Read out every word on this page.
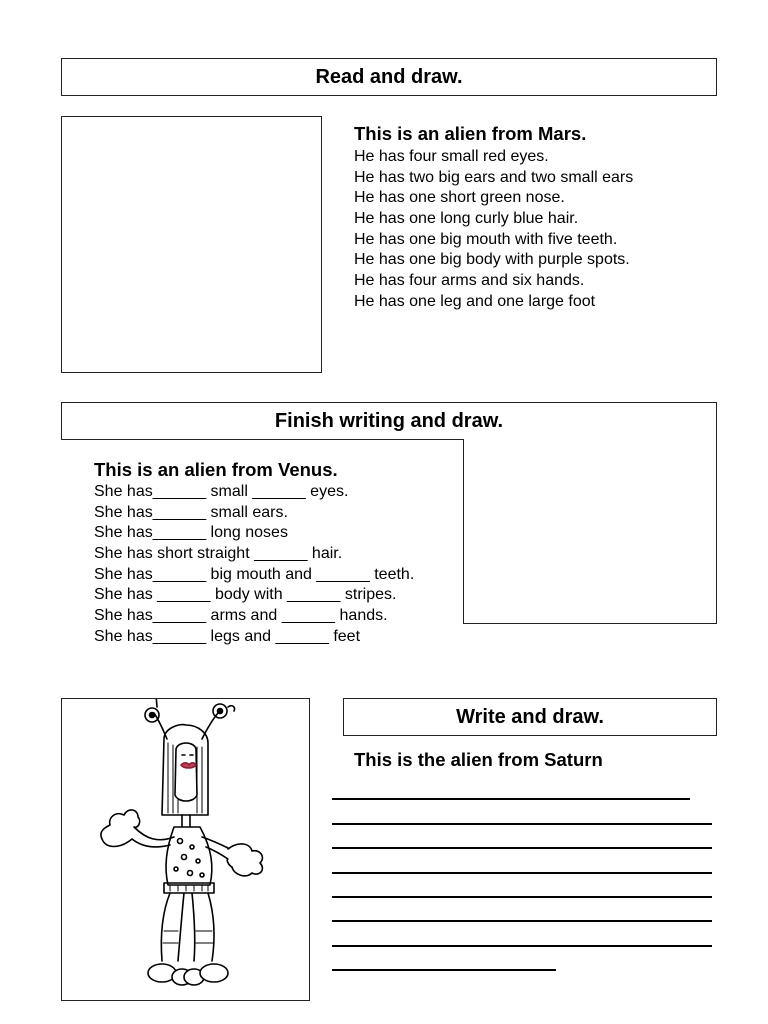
Read and draw.
This is an alien from Mars.
He has four small red eyes.
He has two big ears and two small ears
He has one short green nose.
He has one long curly blue hair.
He has one big mouth with five teeth.
He has one big body with purple spots.
He has four arms and six hands.
He has one leg and one large foot
Finish writing and draw.
This is an alien from Venus.
She has______ small ______ eyes.
She has______ small ears.
She has______ long noses
She has short straight ______ hair.
She has______ big mouth and ______ teeth.
She has ______ body with ______ stripes.
She has______ arms and ______ hands.
She has______ legs and ______ feet
Write and draw.
This is the alien from Saturn
